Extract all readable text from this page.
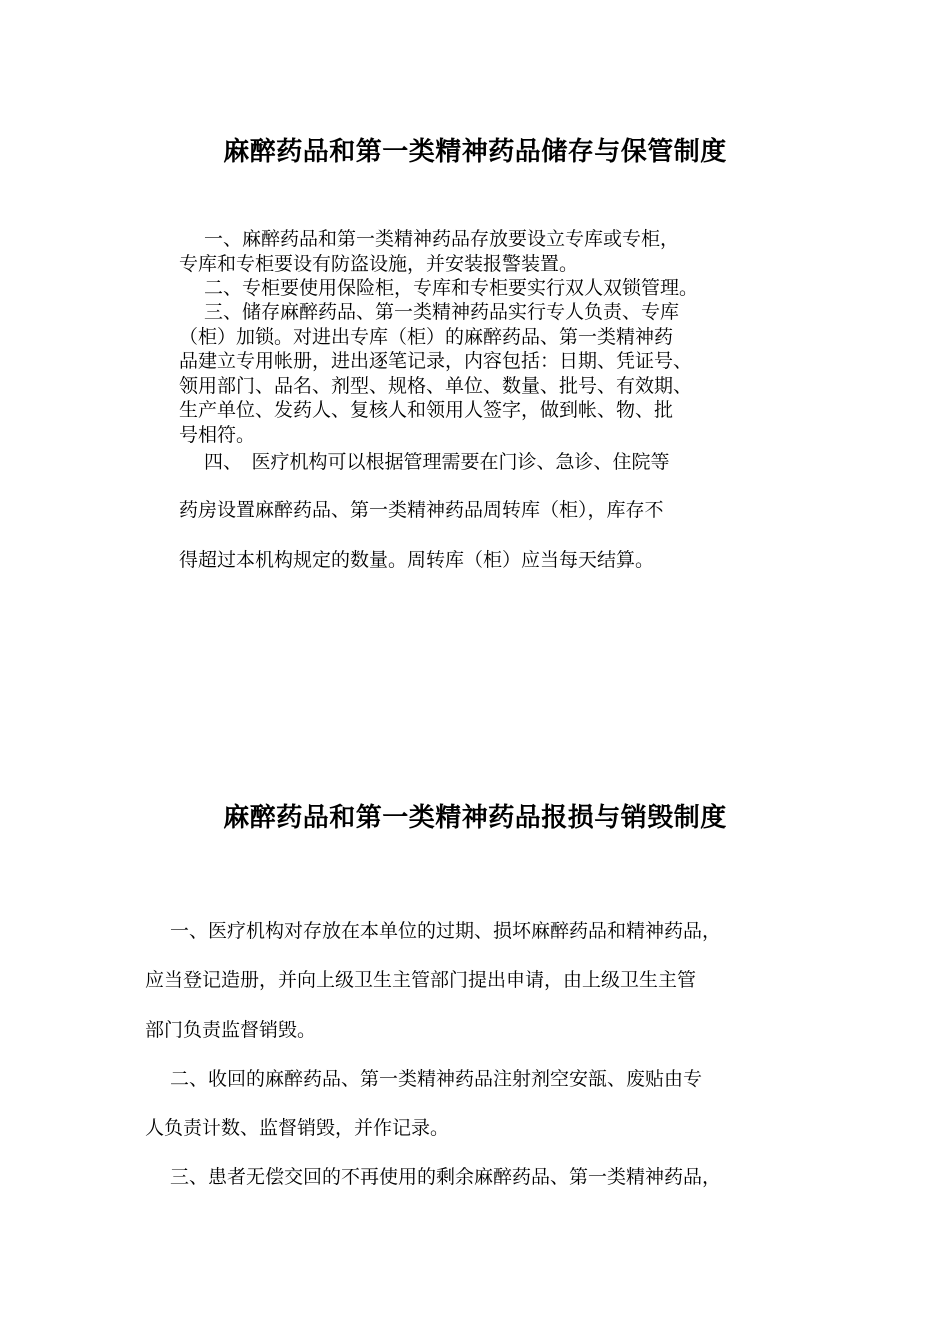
麻醉药品和第一类精神药品储存与保管制度
　 一、麻醉药品和第一类精神药品存放要设立专库或专柜，
专库和专柜要设有防盗设施，并安装报警装置。
　 二、专柜要使用保险柜，专库和专柜要实行双人双锁管理。
　 三、储存麻醉药品、第一类精神药品实行专人负责、专库
（柜）加锁。对进出专库（柜）的麻醉药品、第一类精神药
品建立专用帐册，进出逐笔记录，内容包括：日期、凭证号、
领用部门、品名、剂型、规格、单位、数量、批号、有效期、
生产单位、发药人、复核人和领用人签字，做到帐、物、批
号相符。
　 四、　医疗机构可以根据管理需要在门诊、急诊、住院等
药房设置麻醉药品、第一类精神药品周转库（柜），库存不
得超过本机构规定的数量。周转库（柜）应当每天结算。
麻醉药品和第一类精神药品报损与销毁制度
　 一、医疗机构对存放在本单位的过期、损坏麻醉药品和精神药品，
应当登记造册，并向上级卫生主管部门提出申请，由上级卫生主管
部门负责监督销毁。
　 二、收回的麻醉药品、第一类精神药品注射剂空安瓿、废贴由专
人负责计数、监督销毁，并作记录。
　 三、患者无偿交回的不再使用的剩余麻醉药品、第一类精神药品，
